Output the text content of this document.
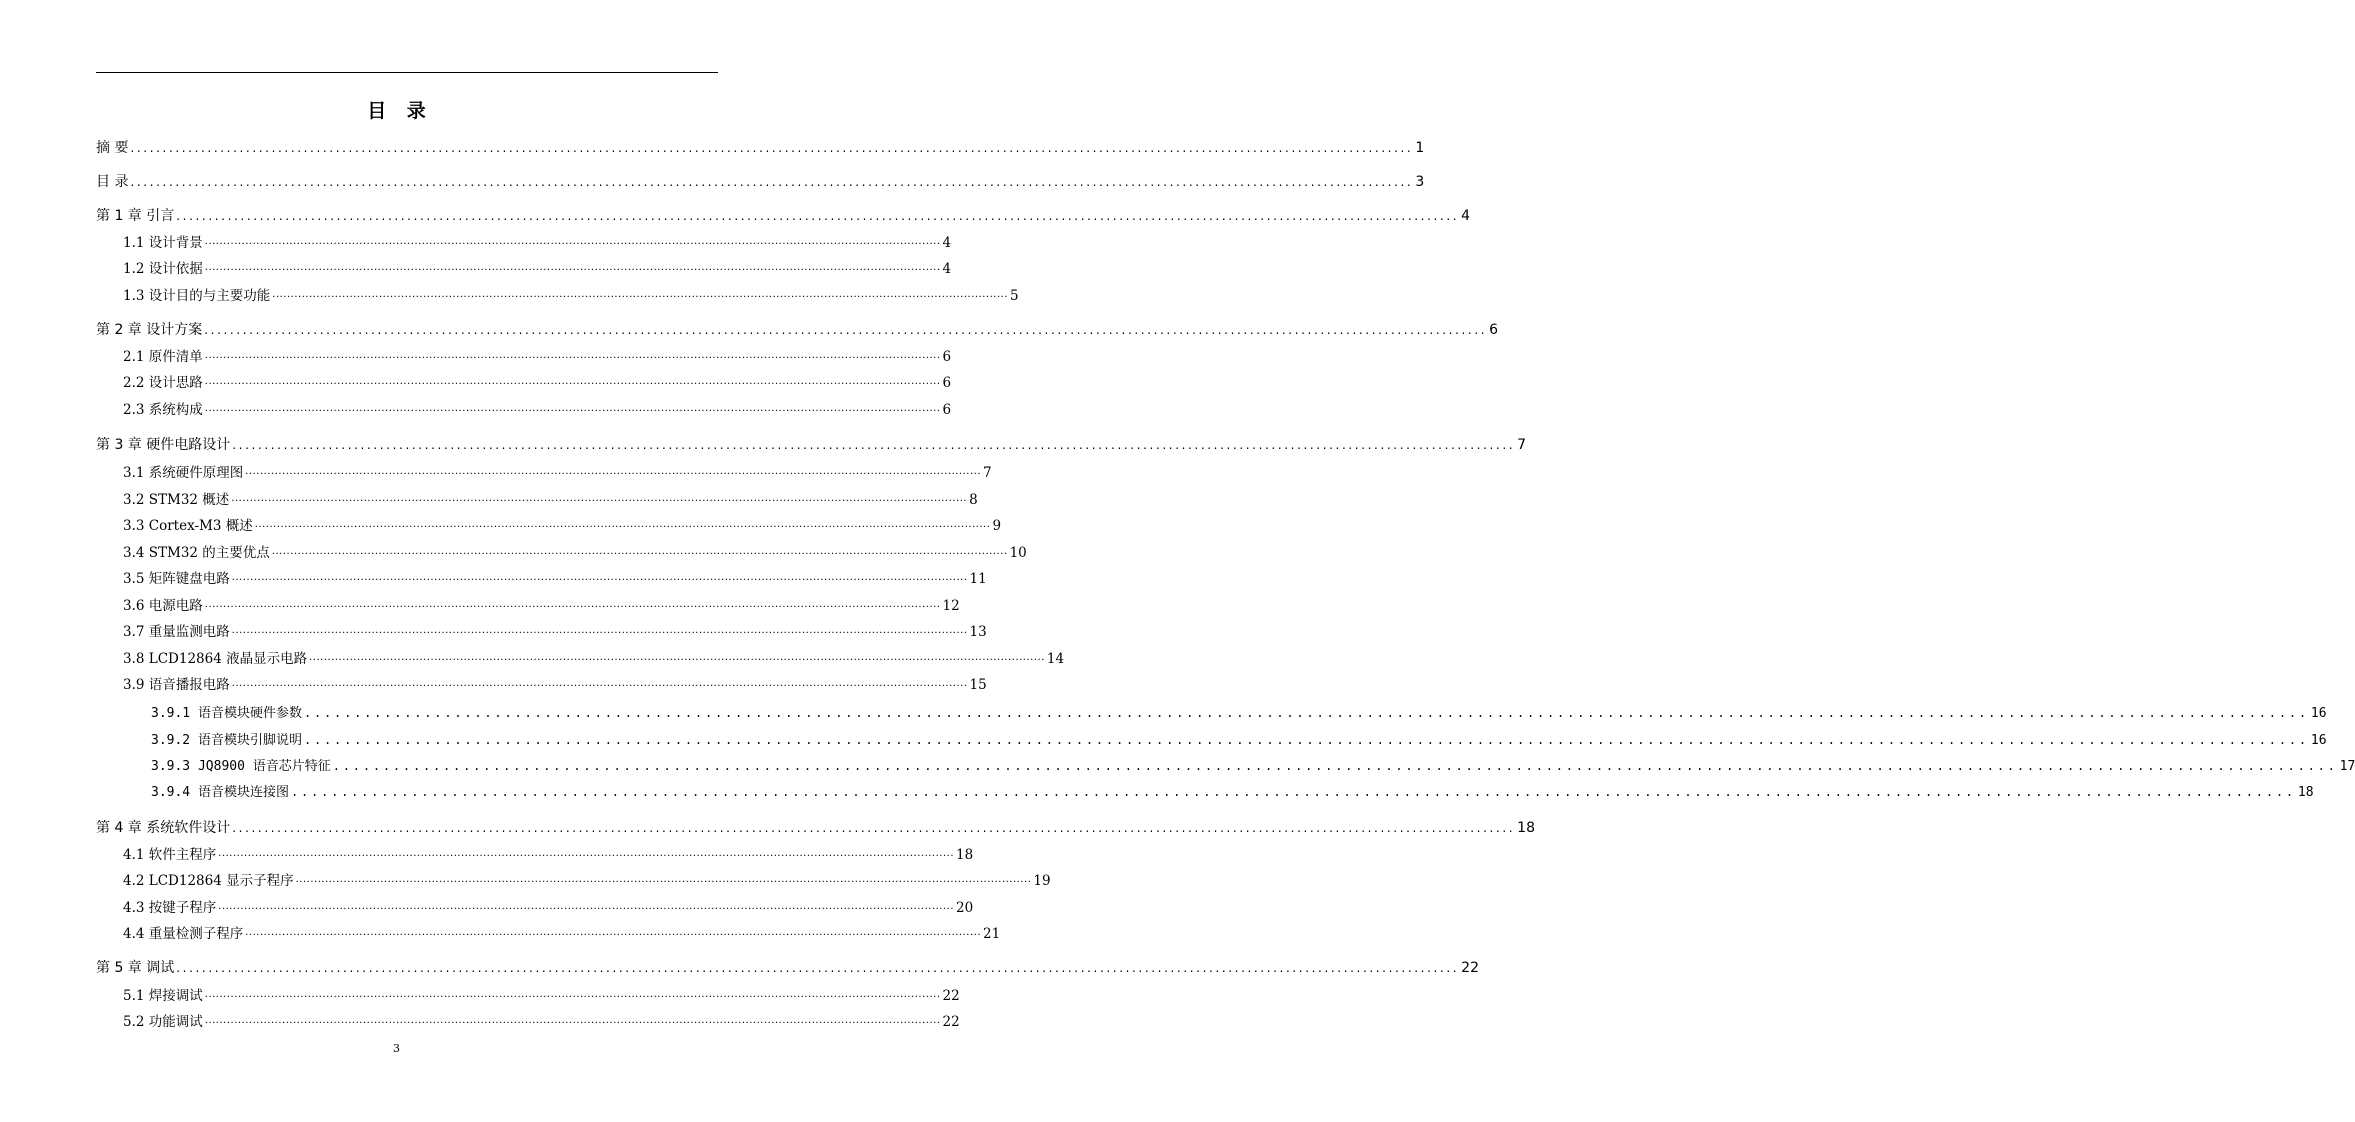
目 录
摘 要 ........................................................................................................................................................................................................ 1
目 录 ........................................................................................................................................................................................................ 3
第 1 章 引言 ........................................................................................................................................................................................................ 4
1.1 设计背景 ········································································································································································································ 4
1.2 设计依据 ········································································································································································································ 4
1.3 设计目的与主要功能 ········································································································································································································ 5
第 2 章 设计方案 ........................................................................................................................................................................................................ 6
2.1 原件清单 ········································································································································································································ 6
2.2 设计思路 ········································································································································································································ 6
2.3 系统构成 ········································································································································································································ 6
第 3 章 硬件电路设计 ........................................................................................................................................................................................................ 7
3.1 系统硬件原理图 ········································································································································································································ 7
3.2 STM32 概述 ········································································································································································································ 8
3.3 Cortex-M3 概述 ········································································································································································································ 9
3.4 STM32 的主要优点 ········································································································································································································ 10
3.5 矩阵键盘电路 ········································································································································································································ 11
3.6 电源电路 ········································································································································································································ 12
3.7 重量监测电路 ········································································································································································································ 13
3.8 LCD12864 液晶显示电路 ········································································································································································································ 14
3.9 语音播报电路 ········································································································································································································ 15
3.9.1 语音模块硬件参数 ........................................................................................................................................................................................................ 16
3.9.2 语音模块引脚说明 ........................................................................................................................................................................................................ 16
3.9.3 JQ8900 语音芯片特征 ........................................................................................................................................................................................................ 17
3.9.4 语音模块连接图 ........................................................................................................................................................................................................ 18
第 4 章 系统软件设计 ........................................................................................................................................................................................................ 18
4.1 软件主程序 ········································································································································································································ 18
4.2 LCD12864 显示子程序 ········································································································································································································ 19
4.3 按键子程序 ········································································································································································································ 20
4.4 重量检测子程序 ········································································································································································································ 21
第 5 章 调试 ........................................................................................................................................................................................................ 22
5.1 焊接调试 ········································································································································································································ 22
5.2 功能调试 ········································································································································································································ 22
3
